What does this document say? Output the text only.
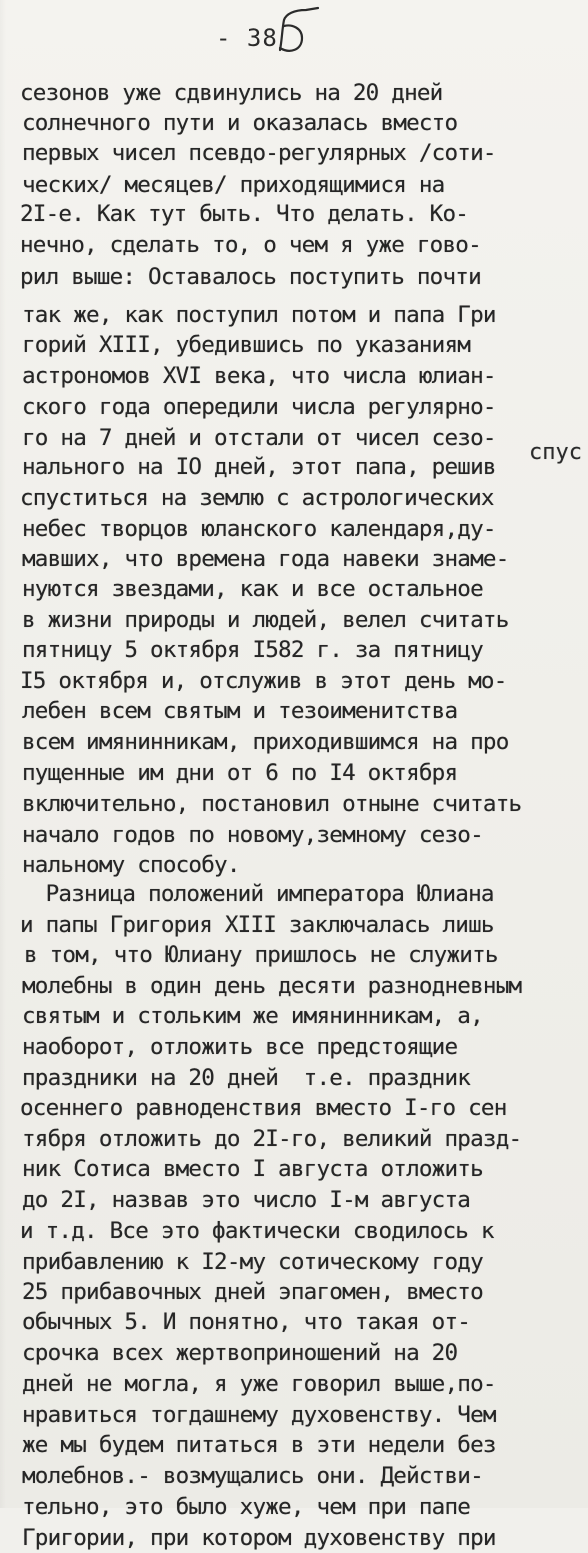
- 38
сезонов уже сдвинулись на 20 дней
солнечного пути и оказалась вместо
первых чисел псевдо-регулярных /соти-
ческих/ месяцев/ приходящимися на
2I-е. Как тут быть. Что делать. Ко-
нечно, сделать то, о чем я уже гово-
рил выше: Оставалось поступить почти
так же, как поступил потом и папа Гри
горий XIII, убедившись по указаниям
астрономов XVI века, что числа юлиан-
ского года опередили числа регулярно-
го на 7 дней и отстали от чисел сезо-
нального на IO дней, этот папа, решив
спуститься на землю с астрологических
небес творцов юланского календаря,ду-
мавших, что времена года навеки знаме-
нуются звездами, как и все остальное
в жизни природы и людей, велел считать
пятницу 5 октября I582 г. за пятницу
I5 октября и, отслужив в этот день мо-
лебен всем святым и тезоименитства
всем имянинникам, приходившимся на про
пущенные им дни от 6 по I4 октября
включительно, постановил отныне считать
начало годов по новому,земному сезо-
нальному способу.
Разница положений императора Юлиана
и папы Григория XIII заключалась лишь
в том, что Юлиану пришлось не служить
молебны в один день десяти разнодневным
святым и стольким же имянинникам, а,
наоборот, отложить все предстоящие
праздники на 20 дней  т.е. праздник
осеннего равноденствия вместо I-го сен
тября отложить до 2I-го, великий празд-
ник Сотиса вместо I августа отложить
до 2I, назвав это число I-м августа
и т.д. Все это фактически сводилось к
прибавлению к I2-му сотическому году
25 прибавочных дней эпагомен, вместо
обычных 5. И понятно, что такая от-
срочка всех жертвоприношений на 20
дней не могла, я уже говорил выше,по-
нравиться тогдашнему духовенству. Чем
же мы будем питаться в эти недели без
молебнов.- возмущались они. Действи-
тельно, это было хуже, чем при папе
Григории, при котором духовенству при
спус
